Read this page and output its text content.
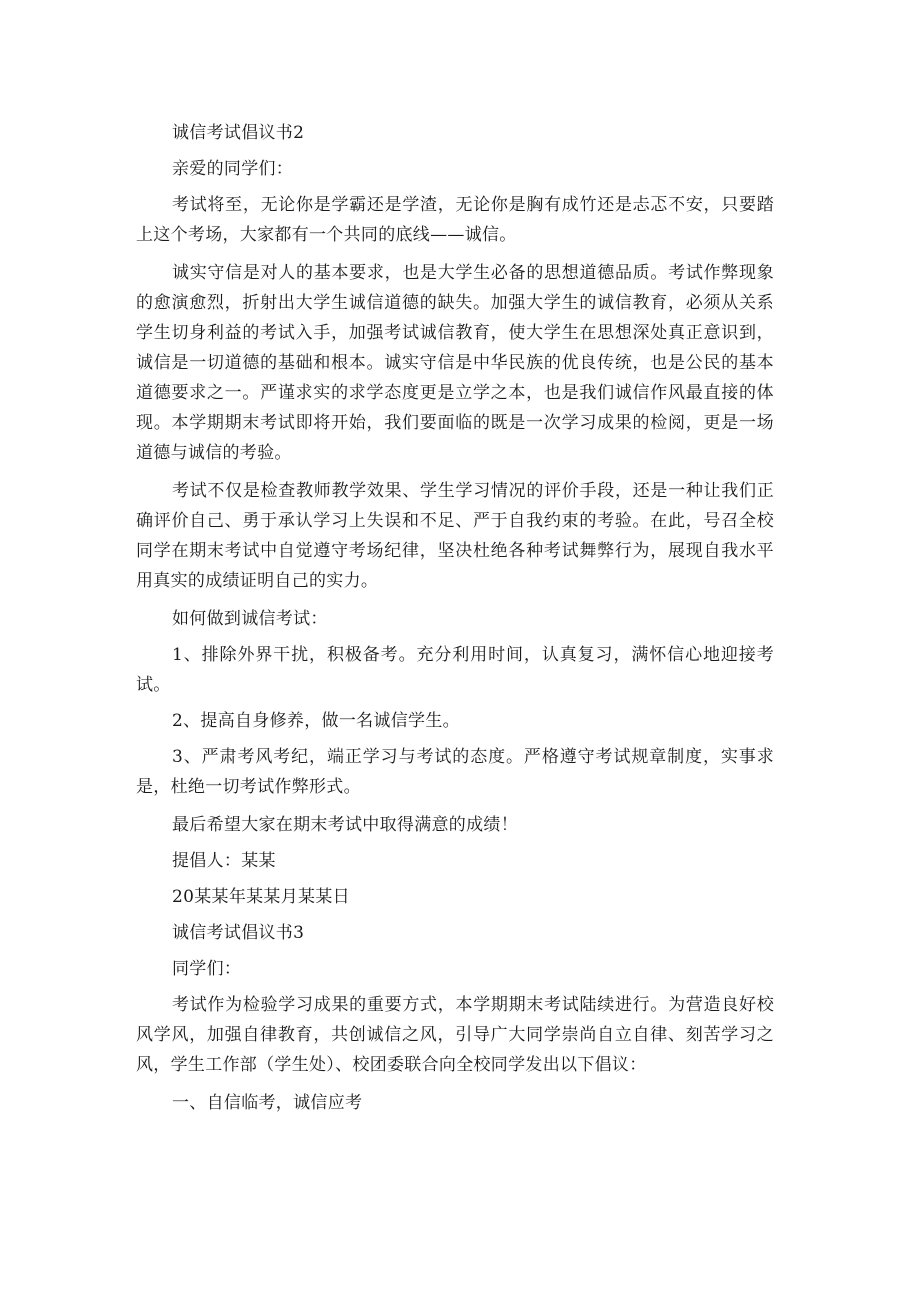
诚信考试倡议书2

亲爱的同学们：

考试将至，无论你是学霸还是学渣，无论你是胸有成竹还是忐忑不安，只要踏上这个考场，大家都有一个共同的底线——诚信。

诚实守信是对人的基本要求，也是大学生必备的思想道德品质。考试作弊现象的愈演愈烈，折射出大学生诚信道德的缺失。加强大学生的诚信教育，必须从关系学生切身利益的考试入手，加强考试诚信教育，使大学生在思想深处真正意识到，诚信是一切道德的基础和根本。诚实守信是中华民族的优良传统，也是公民的基本道德要求之一。严谨求实的求学态度更是立学之本，也是我们诚信作风最直接的体现。本学期期末考试即将开始，我们要面临的既是一次学习成果的检阅，更是一场道德与诚信的考验。

考试不仅是检查教师教学效果、学生学习情况的评价手段，还是一种让我们正确评价自己、勇于承认学习上失误和不足、严于自我约束的考验。在此，号召全校同学在期末考试中自觉遵守考场纪律，坚决杜绝各种考试舞弊行为，展现自我水平用真实的成绩证明自己的实力。

如何做到诚信考试：

1、排除外界干扰，积极备考。充分利用时间，认真复习，满怀信心地迎接考试。

2、提高自身修养，做一名诚信学生。

3、严肃考风考纪，端正学习与考试的态度。严格遵守考试规章制度，实事求是，杜绝一切考试作弊形式。

最后希望大家在期末考试中取得满意的成绩！

提倡人：某某

20某某年某某月某某日

诚信考试倡议书3

同学们：

考试作为检验学习成果的重要方式，本学期期末考试陆续进行。为营造良好校风学风，加强自律教育，共创诚信之风，引导广大同学崇尚自立自律、刻苦学习之风，学生工作部（学生处）、校团委联合向全校同学发出以下倡议：

一、自信临考，诚信应考
